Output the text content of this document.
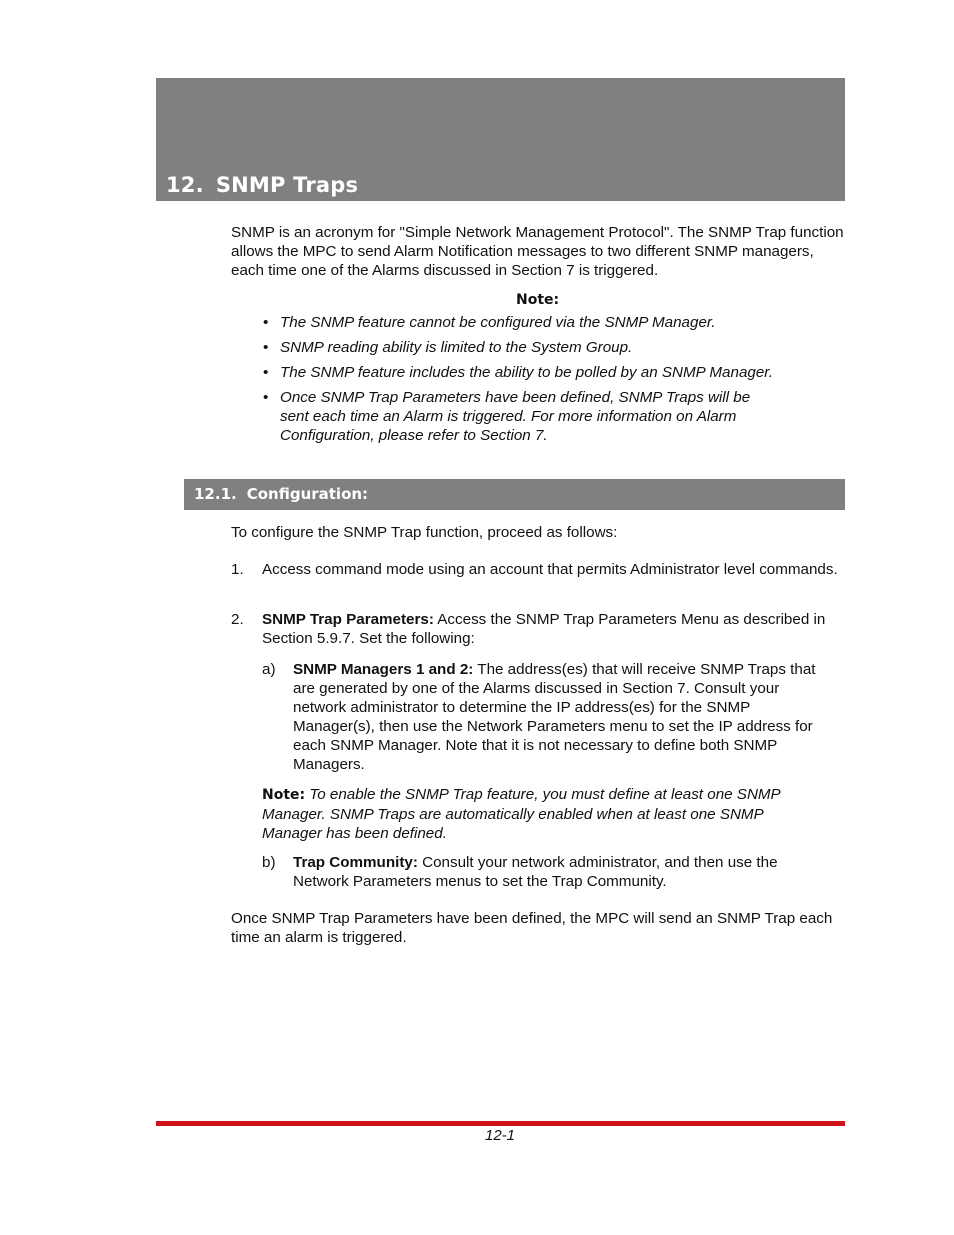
12. SNMP Traps

SNMP is an acronym for "Simple Network Management Protocol". The SNMP Trap function allows the MPC to send Alarm Notification messages to two different SNMP managers, each time one of the Alarms discussed in Section 7 is triggered.

Note:

• The SNMP feature cannot be configured via the SNMP Manager.
• SNMP reading ability is limited to the System Group.
• The SNMP feature includes the ability to be polled by an SNMP Manager.
• Once SNMP Trap Parameters have been defined, SNMP Traps will be sent each time an Alarm is triggered. For more information on Alarm Configuration, please refer to Section 7.
12.1. Configuration:

To configure the SNMP Trap function, proceed as follows:

1. Access command mode using an account that permits Administrator level commands.
2. SNMP Trap Parameters: Access the SNMP Trap Parameters Menu as described in Section 5.9.7. Set the following:
a) SNMP Managers 1 and 2: The address(es) that will receive SNMP Traps that are generated by one of the Alarms discussed in Section 7. Consult your network administrator to determine the IP address(es) for the SNMP Manager(s), then use the Network Parameters menu to set the IP address for each SNMP Manager. Note that it is not necessary to define both SNMP Managers.
Note: To enable the SNMP Trap feature, you must define at least one SNMP Manager. SNMP Traps are automatically enabled when at least one SNMP Manager has been defined.
b) Trap Community: Consult your network administrator, and then use the Network Parameters menus to set the Trap Community.

Once SNMP Trap Parameters have been defined, the MPC will send an SNMP Trap each time an alarm is triggered.

12-1
